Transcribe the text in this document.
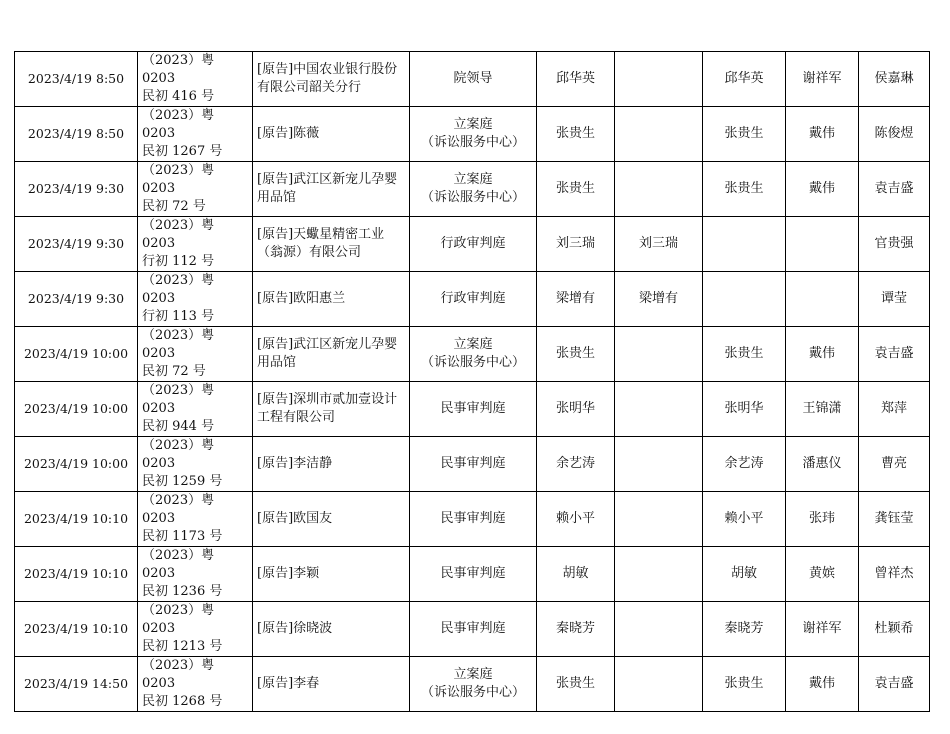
2023/4/19 8:50	（2023）粤 0203
民初 416 号	[原告]中国农业银行股份有限公司韶关分行	院领导	邱华英		邱华英	谢祥军	侯嘉琳
2023/4/19 8:50	（2023）粤 0203
民初 1267 号	[原告]陈薇	立案庭
（诉讼服务中心）	张贵生		张贵生	戴伟	陈俊煜
2023/4/19 9:30	（2023）粤 0203
民初 72 号	[原告]武江区新宠儿孕婴用品馆	立案庭
（诉讼服务中心）	张贵生		张贵生	戴伟	袁吉盛
2023/4/19 9:30	（2023）粤 0203
行初 112 号	[原告]天蠍星精密工业（翁源）有限公司	行政审判庭	刘三瑞	刘三瑞			官贵强
2023/4/19 9:30	（2023）粤 0203
行初 113 号	[原告]欧阳惠兰	行政审判庭	梁增有	梁增有			谭莹
2023/4/19 10:00	（2023）粤 0203
民初 72 号	[原告]武江区新宠儿孕婴用品馆	立案庭
（诉讼服务中心）	张贵生		张贵生	戴伟	袁吉盛
2023/4/19 10:00	（2023）粤 0203
民初 944 号	[原告]深圳市贰加壹设计工程有限公司	民事审判庭	张明华		张明华	王锦潇	郑萍
2023/4/19 10:00	（2023）粤 0203
民初 1259 号	[原告]李洁静	民事审判庭	余艺涛		余艺涛	潘惠仪	曹亮
2023/4/19 10:10	（2023）粤 0203
民初 1173 号	[原告]欧国友	民事审判庭	赖小平		赖小平	张玮	龚钰莹
2023/4/19 10:10	（2023）粤 0203
民初 1236 号	[原告]李颖	民事审判庭	胡敏		胡敏	黄嫔	曾祥杰
2023/4/19 10:10	（2023）粤 0203
民初 1213 号	[原告]徐晓波	民事审判庭	秦晓芳		秦晓芳	谢祥军	杜颖希
2023/4/19 14:50	（2023）粤 0203
民初 1268 号	[原告]李春	立案庭
（诉讼服务中心）	张贵生		张贵生	戴伟	袁吉盛
